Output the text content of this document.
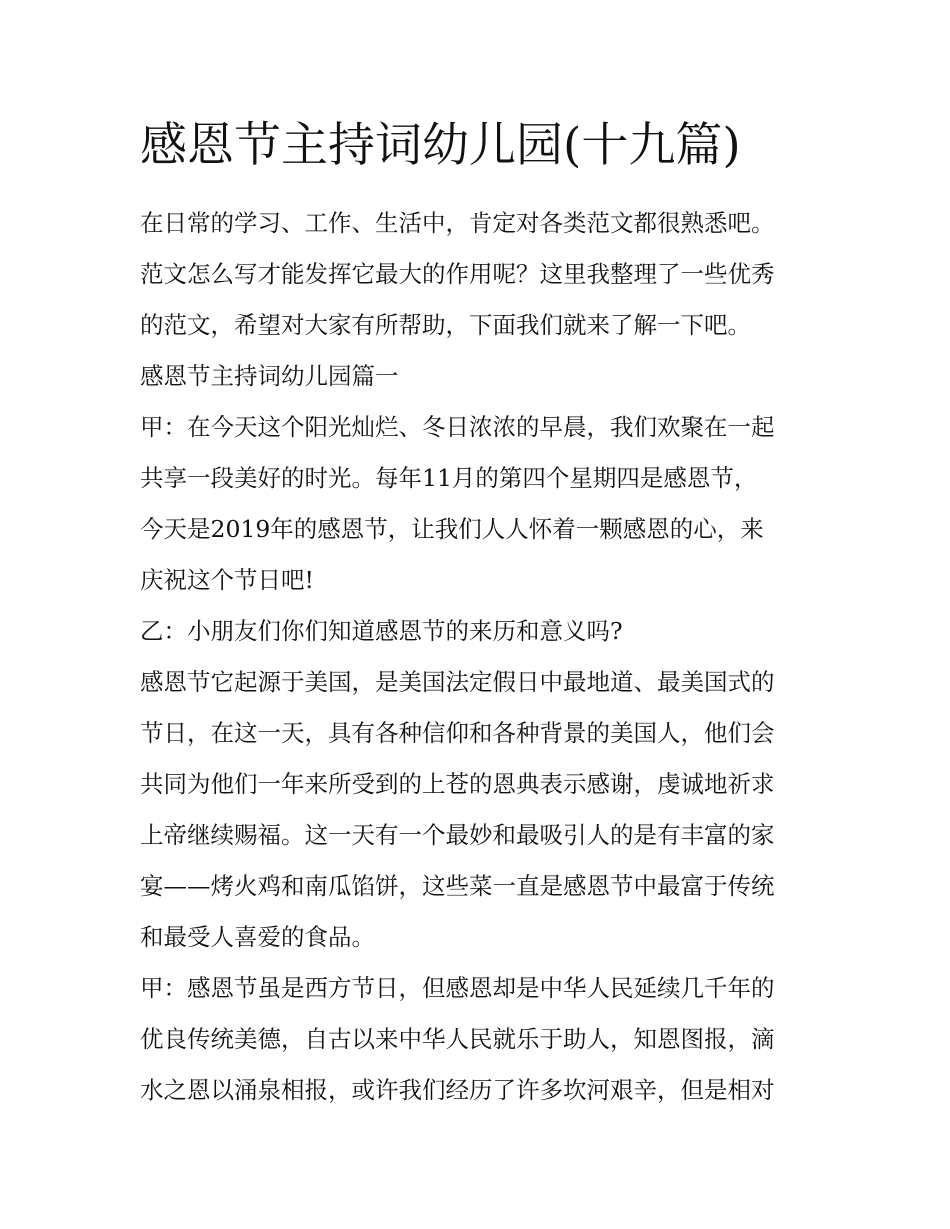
感恩节主持词幼儿园(十九篇)

在日常的学习、工作、生活中，肯定对各类范文都很熟悉吧。

范文怎么写才能发挥它最大的作用呢？这里我整理了一些优秀

的范文，希望对大家有所帮助，下面我们就来了解一下吧。

感恩节主持词幼儿园篇一

甲：在今天这个阳光灿烂、冬日浓浓的早晨，我们欢聚在一起

共享一段美好的时光。每年11月的第四个星期四是感恩节，

今天是2019年的感恩节，让我们人人怀着一颗感恩的心，来

庆祝这个节日吧!

乙：小朋友们你们知道感恩节的来历和意义吗?

感恩节它起源于美国，是美国法定假日中最地道、最美国式的

节日，在这一天，具有各种信仰和各种背景的美国人，他们会

共同为他们一年来所受到的上苍的恩典表示感谢，虔诚地祈求

上帝继续赐福。这一天有一个最妙和最吸引人的是有丰富的家

宴——烤火鸡和南瓜馅饼，这些菜一直是感恩节中最富于传统

和最受人喜爱的食品。

甲：感恩节虽是西方节日，但感恩却是中华人民延续几千年的

优良传统美德，自古以来中华人民就乐于助人，知恩图报，滴

水之恩以涌泉相报，或许我们经历了许多坎河艰辛，但是相对
